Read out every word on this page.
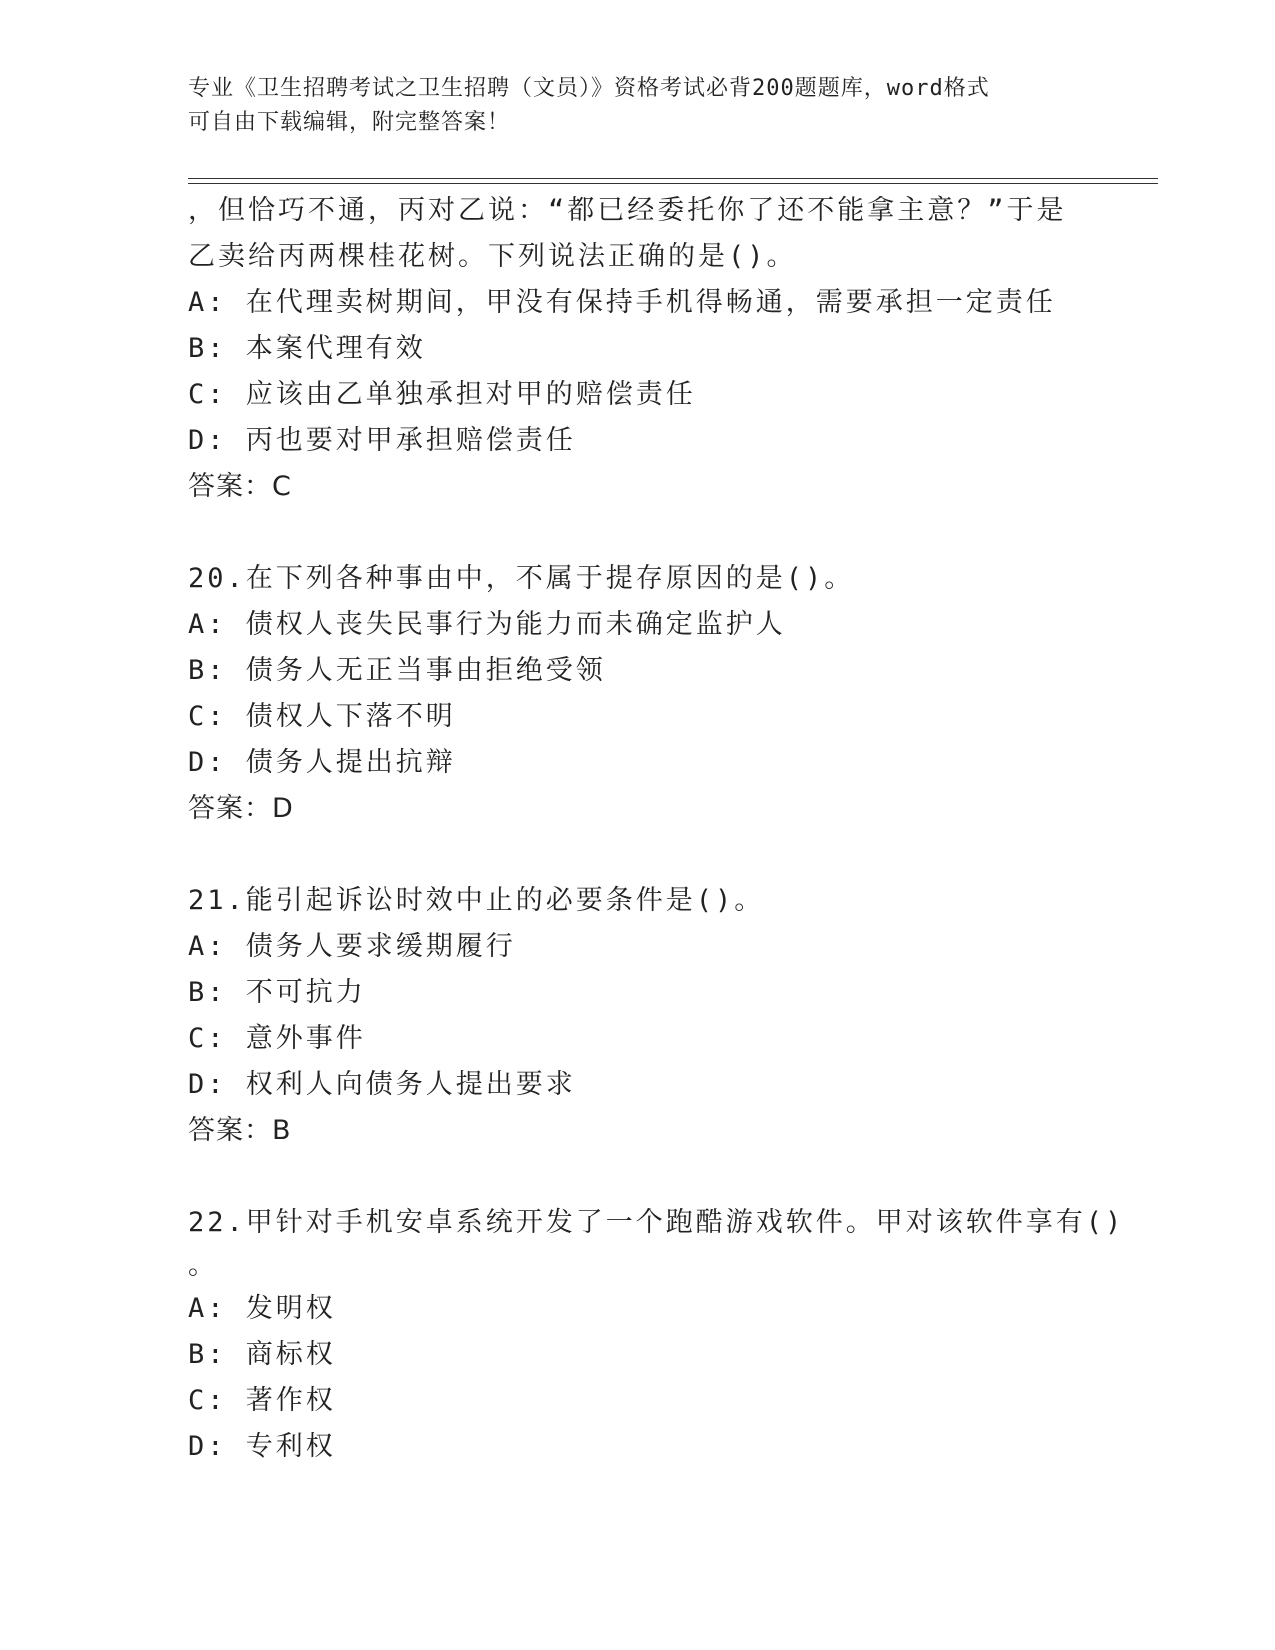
专业《卫生招聘考试之卫生招聘（文员）》资格考试必背200题题库，word格式
可自由下载编辑，附完整答案！
，但恰巧不通，丙对乙说：“都已经委托你了还不能拿主意？”于是
乙卖给丙两棵桂花树。下列说法正确的是()。
A: 在代理卖树期间，甲没有保持手机得畅通，需要承担一定责任
B: 本案代理有效
C: 应该由乙单独承担对甲的赔偿责任
D: 丙也要对甲承担赔偿责任
答案：C
20.在下列各种事由中，不属于提存原因的是()。
A: 债权人丧失民事行为能力而未确定监护人
B: 债务人无正当事由拒绝受领
C: 债权人下落不明
D: 债务人提出抗辩
答案：D
21.能引起诉讼时效中止的必要条件是()。
A: 债务人要求缓期履行
B: 不可抗力
C: 意外事件
D: 权利人向债务人提出要求
答案：B
22.甲针对手机安卓系统开发了一个跑酷游戏软件。甲对该软件享有()
。
A: 发明权
B: 商标权
C: 著作权
D: 专利权
